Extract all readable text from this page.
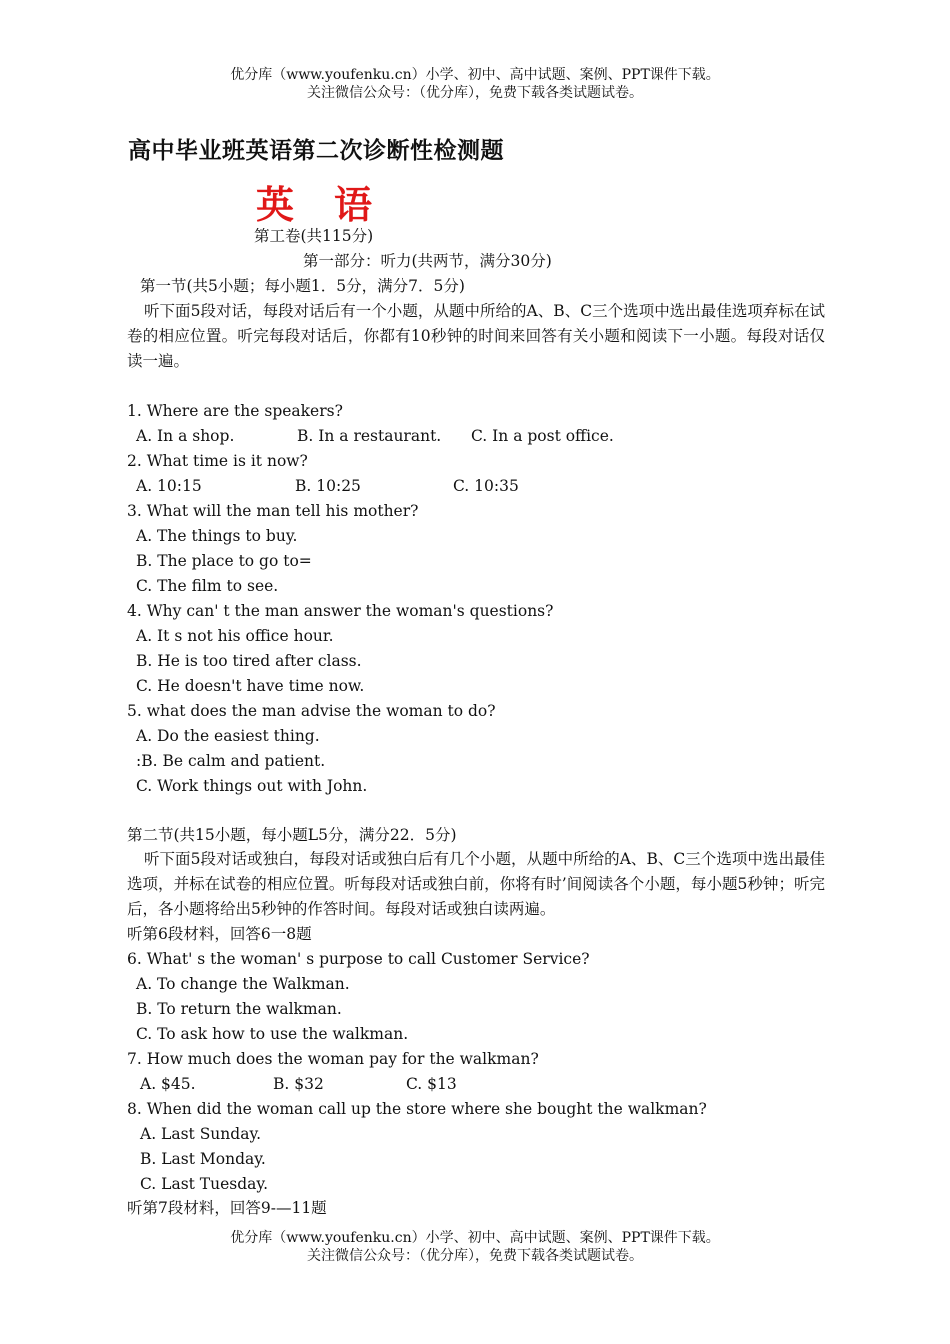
优分库（www.youfenku.cn）小学、初中、高中试题、案例、PPT课件下载。
关注微信公众号：（优分库），免费下载各类试题试卷。
高中毕业班英语第二次诊断性检测题
英语
第工卷(共115分)
第一部分：听力(共两节，满分30分)
第一节(共5小题；每小题1．5分，满分7．5分)
听下面5段对话，每段对话后有一个小题，从题中所给的A、B、C三个选项中选出最佳选项弃标在试卷的相应位置。听完每段对话后，你都有10秒钟的时间来回答有关小题和阅读下一小题。每段对话仅读一遍。
1. Where are the speakers?
A. In a shop.	B. In a restaurant. C. In a post office.
2. What time is it now?
A. 10:15	B. 10:25	C. 10:35
3. What will the man tell his mother?
A. The things to buy.
B. The place to go to=
C. The film to see.
4. Why can' t the man answer the woman's questions?
A. It s not his office hour.
B. He is too tired after class.
C. He doesn't have time now.
5. what does the man advise the woman to do?
A. Do the easiest thing.
:B. Be calm and patient.
C. Work things out with John.
第二节(共15小题，每小题L5分，满分22．5分)
听下面5段对话或独白，每段对话或独白后有几个小题，从题中所给的A、B、C三个选项中选出最佳选项，并标在试卷的相应位置。听每段对话或独白前，你将有时’间阅读各个小题，每小题5秒钟；听完后，各小题将给出5秒钟的作答时间。每段对话或独白读两遍。
听第6段材料，回答6一8题
6. What' s the woman' s purpose to call Customer Service?
A. To change the Walkman.
B. To return the walkman.
C. To ask how to use the walkman.
7. How much does the woman pay for the walkman?
A. $45.	B. $32	C. $13
8. When did the woman call up the store where she bought the walkman?
A. Last Sunday.
B. Last Monday.
C. Last Tuesday.
听第7段材料，回答9-—11题
优分库（www.youfenku.cn）小学、初中、高中试题、案例、PPT课件下载。
关注微信公众号：（优分库），免费下载各类试题试卷。
